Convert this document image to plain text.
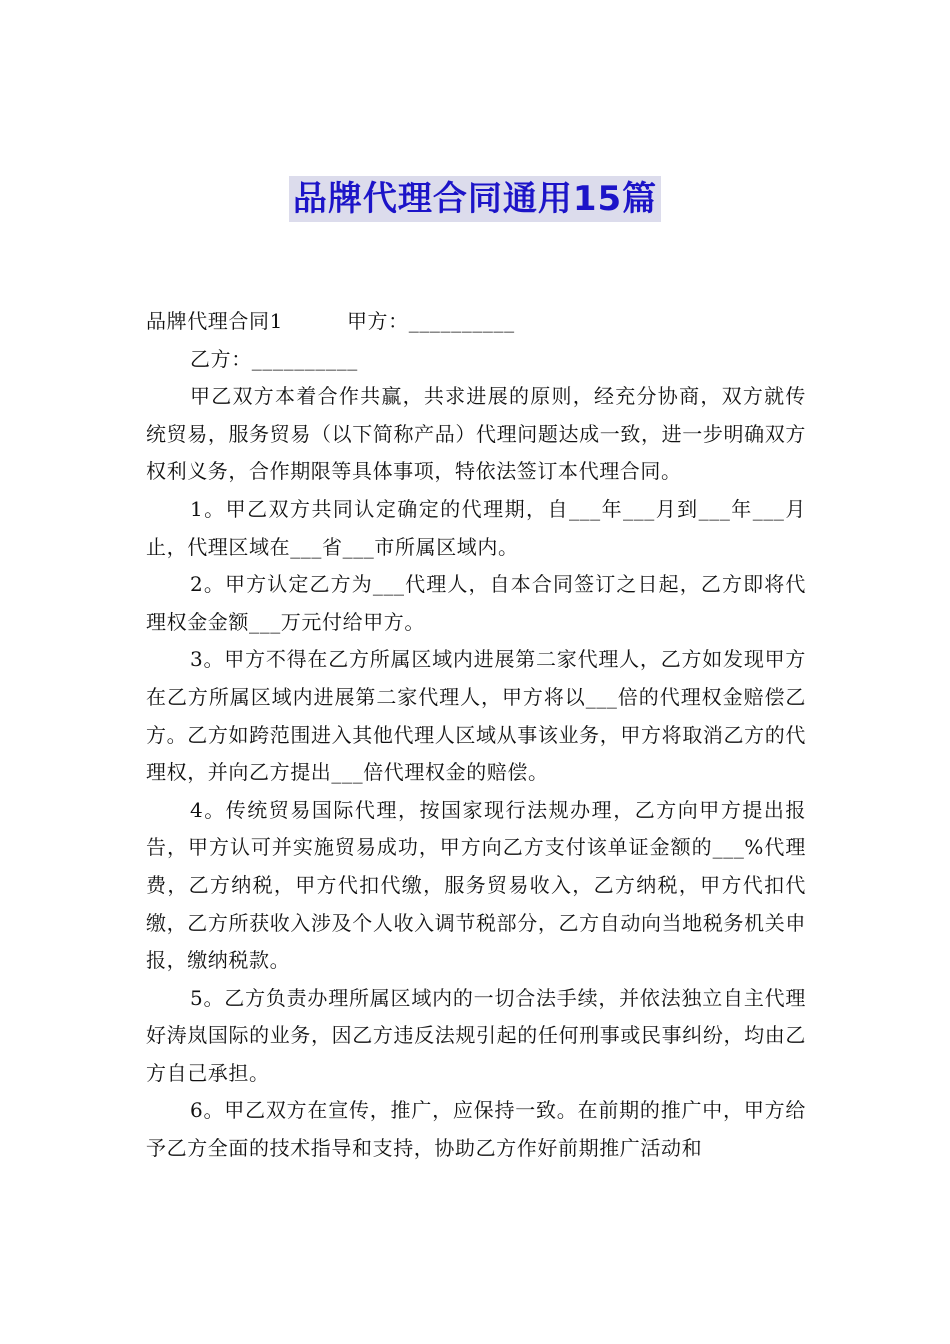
品牌代理合同通用15篇

品牌代理合同1	甲方：__________

乙方：__________

甲乙双方本着合作共赢，共求进展的原则，经充分协商，双方就传统贸易，服务贸易（以下简称产品）代理问题达成一致，进一步明确双方权利义务，合作期限等具体事项，特依法签订本代理合同。

1。甲乙双方共同认定确定的代理期，自___年___月到___年___月止，代理区域在___省___市所属区域内。

2。甲方认定乙方为___代理人，自本合同签订之日起，乙方即将代理权金金额___万元付给甲方。

3。甲方不得在乙方所属区域内进展第二家代理人，乙方如发现甲方在乙方所属区域内进展第二家代理人，甲方将以___倍的代理权金赔偿乙方。乙方如跨范围进入其他代理人区域从事该业务，甲方将取消乙方的代理权，并向乙方提出___倍代理权金的赔偿。

4。传统贸易国际代理，按国家现行法规办理，乙方向甲方提出报告，甲方认可并实施贸易成功，甲方向乙方支付该单证金额的___%代理费，乙方纳税，甲方代扣代缴，服务贸易收入，乙方纳税，甲方代扣代缴，乙方所获收入涉及个人收入调节税部分，乙方自动向当地税务机关申报，缴纳税款。

5。乙方负责办理所属区域内的一切合法手续，并依法独立自主代理好涛岚国际的业务，因乙方违反法规引起的任何刑事或民事纠纷，均由乙方自己承担。

6。甲乙双方在宣传，推广，应保持一致。在前期的推广中，甲方给予乙方全面的技术指导和支持，协助乙方作好前期推广活动和
